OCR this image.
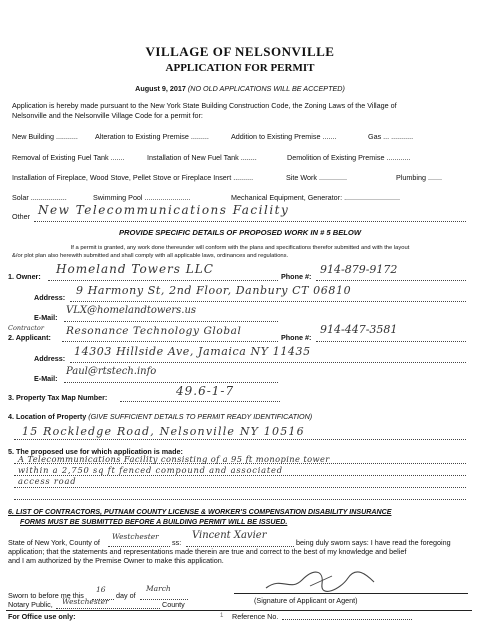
VILLAGE OF NELSONVILLE
APPLICATION FOR PERMIT
August 9, 2017 (NO OLD APPLICATIONS WILL BE ACCEPTED)
Application is hereby made pursuant to the New York State Building Construction Code, the Zoning Laws of the Village of
Nelsonville and the Nelsonville Village Code for a permit for:
New Building ........... Alteration to Existing Premise .........	Addition to Existing Premise .......	Gas ... ...........
Removal of Existing Fuel Tank .......	Installation of New Fuel Tank ........	Demolition of Existing Premise ............
Installation of Fireplace, Wood Stove, Pellet Stove or Fireplace Insert ..........	Site Work ..............	Plumbing .......
Solar ..................	Swimming Pool .......................	Mechanical Equipment, Generator: ............................
Other New Telecommunications Facility
PROVIDE SPECIFIC DETAILS OF PROPOSED WORK IN # 5 BELOW
If a permit is granted, any work done thereunder will conform with the plans and specifications therefor submitted and with the layout
&/or plot plan also herewith submitted and shall comply with all applicable laws, ordinances and regulations.
1. Owner:
Homeland Towers LLC
Phone #:
914-879-9172
Address:
9 Harmony St, 2nd Floor, Danbury CT 06810
E-Mail:
VLX@homelandtowers.us
Contractor
2. Applicant:
Resonance Technology Global
Phone #:
914-447-3581
Address:
14303 Hillside Ave, Jamaica NY 11435
E-Mail:
Paul@rtstech.info
3. Property Tax Map Number:	49.6-1-7
4. Location of Property (GIVE SUFFICIENT DETAILS TO PERMIT READY IDENTIFICATION)
15 Rockledge Road, Nelsonville NY 10516
5. The proposed use for which application is made:
A Telecommunications Facility consisting of a 95 ft monopine tower
within a 2,750 sq ft fenced compound and associated
access road
6. LIST OF CONTRACTORS, PUTNAM COUNTY LICENSE & WORKER'S COMPENSATION DISABILITY INSURANCE
FORMS MUST BE SUBMITTED BEFORE A BUILDING PERMIT WILL BE ISSUED.
State of New York, County of
Westchester
ss:
Vincent Xavier
being duly sworn says: I have read the foregoing
application; that the statements and representations made therein are true and correct to the best of my knowledge and belief
and I am authorized by the Premise Owner to make this application.
(Signature of Applicant or Agent)
Sworn to before me this
16
day of
March
Notary Public, Westchester	County
For Office use only:	Reference No.
1
